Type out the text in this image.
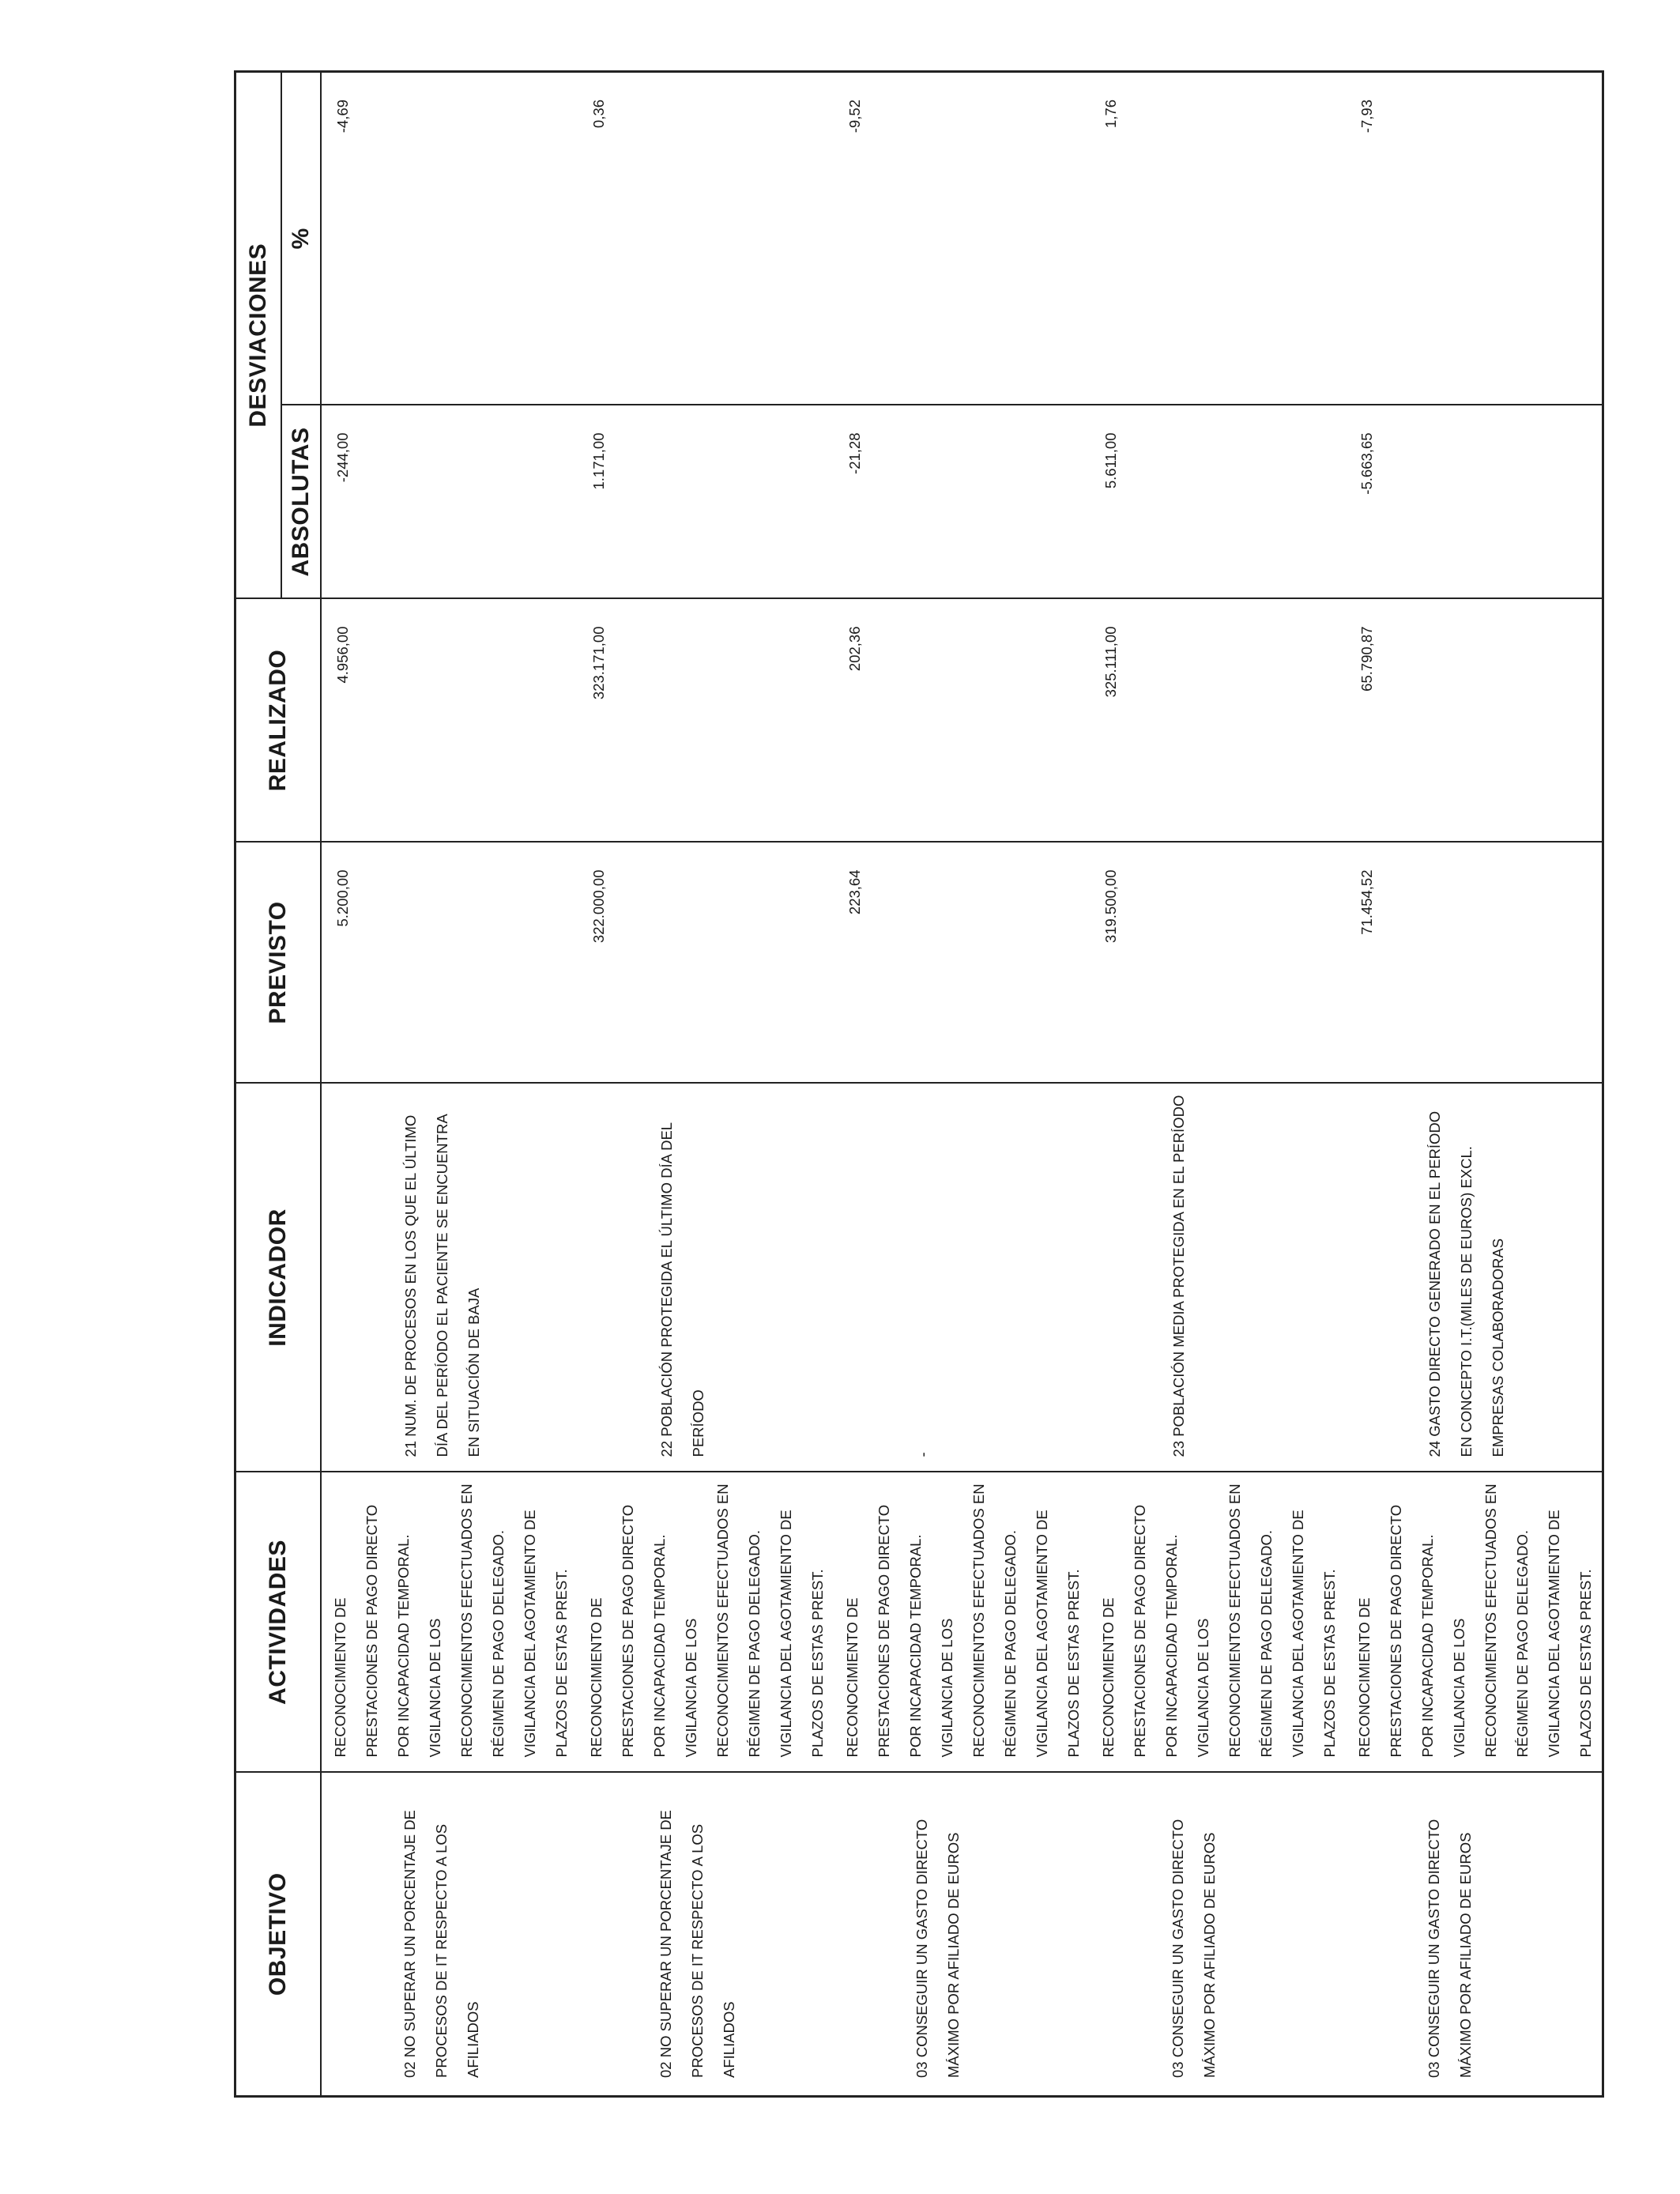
OBJETIVO	ACTIVIDADES	INDICADOR	PREVISTO	REALIZADO	DESVIACIONES	
					ABSOLUTAS	%

02 NO SUPERAR UN PORCENTAJE DE PROCESOS DE IT RESPECTO A LOS AFILIADOS	RECONOCIMIENTO DE PRESTACIONES DE PAGO DIRECTO POR INCAPACIDAD TEMPORAL. VIGILANCIA DE LOS RECONOCIMIENTOS EFECTUADOS EN RÉGIMEN DE PAGO DELEGADO. VIGILANCIA DEL AGOTAMIENTO DE PLAZOS DE ESTAS PREST.	21 NUM. DE PROCESOS EN LOS QUE EL ÚLTIMO DÍA DEL PERÍODO EL PACIENTE SE ENCUENTRA EN SITUACIÓN DE BAJA	5.200,00	4.956,00	-244,00	-4,69

02 NO SUPERAR UN PORCENTAJE DE PROCESOS DE IT RESPECTO A LOS AFILIADOS	RECONOCIMIENTO DE PRESTACIONES DE PAGO DIRECTO POR INCAPACIDAD TEMPORAL. VIGILANCIA DE LOS RECONOCIMIENTOS EFECTUADOS EN RÉGIMEN DE PAGO DELEGADO. VIGILANCIA DEL AGOTAMIENTO DE PLAZOS DE ESTAS PREST.	22 POBLACIÓN PROTEGIDA EL ÚLTIMO DÍA DEL PERÍODO	322.000,00	323.171,00	1.171,00	0,36

03 CONSEGUIR UN GASTO DIRECTO MÁXIMO POR AFILIADO DE EUROS	RECONOCIMIENTO DE PRESTACIONES DE PAGO DIRECTO POR INCAPACIDAD TEMPORAL. VIGILANCIA DE LOS RECONOCIMIENTOS EFECTUADOS EN RÉGIMEN DE PAGO DELEGADO. VIGILANCIA DEL AGOTAMIENTO DE PLAZOS DE ESTAS PREST.	-	223,64	202,36	-21,28	-9,52

03 CONSEGUIR UN GASTO DIRECTO MÁXIMO POR AFILIADO DE EUROS	RECONOCIMIENTO DE PRESTACIONES DE PAGO DIRECTO POR INCAPACIDAD TEMPORAL. VIGILANCIA DE LOS RECONOCIMIENTOS EFECTUADOS EN RÉGIMEN DE PAGO DELEGADO. VIGILANCIA DEL AGOTAMIENTO DE PLAZOS DE ESTAS PREST.	23 POBLACIÓN MEDIA PROTEGIDA EN EL PERÍODO	319.500,00	325.111,00	5.611,00	1,76

03 CONSEGUIR UN GASTO DIRECTO MÁXIMO POR AFILIADO DE EUROS	RECONOCIMIENTO DE PRESTACIONES DE PAGO DIRECTO POR INCAPACIDAD TEMPORAL. VIGILANCIA DE LOS RECONOCIMIENTOS EFECTUADOS EN RÉGIMEN DE PAGO DELEGADO. VIGILANCIA DEL AGOTAMIENTO DE PLAZOS DE ESTAS PREST.	24 GASTO DIRECTO GENERADO EN EL PERÍODO EN CONCEPTO I.T.(MILES DE EUROS) EXCL. EMPRESAS COLABORADORAS	71.454,52	65.790,87	-5.663,65	-7,93
